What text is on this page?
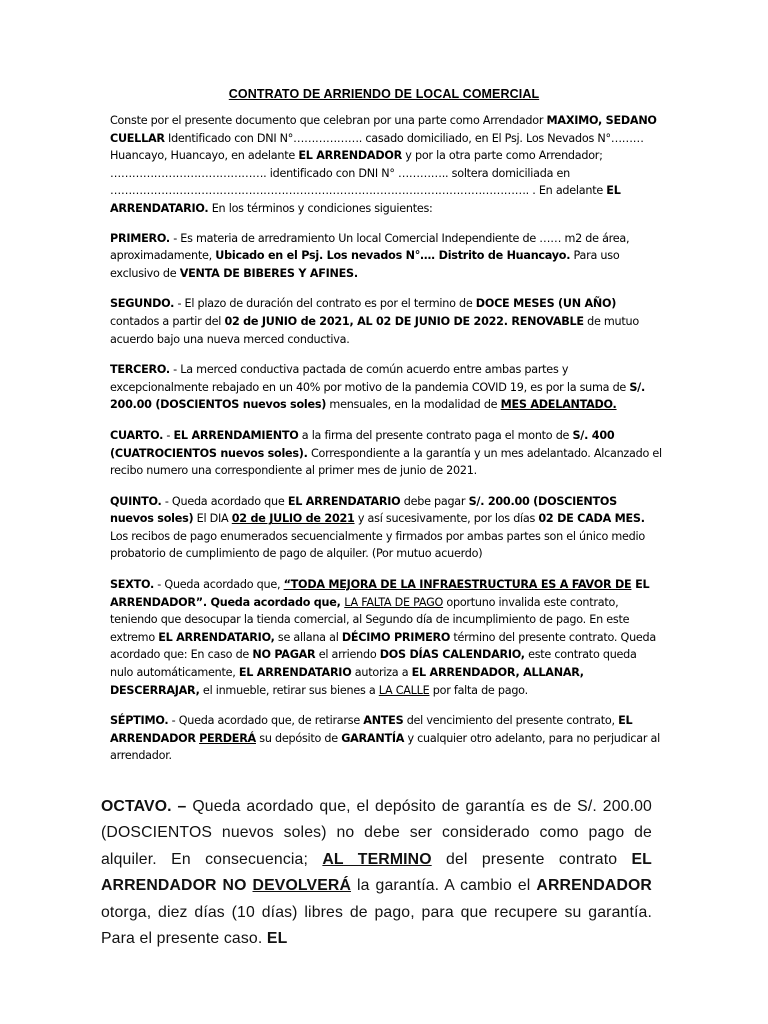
CONTRATO DE ARRIENDO DE LOCAL COMERCIAL

Conste por el presente documento que celebran por una parte como Arrendador MAXIMO, SEDANO CUELLAR Identificado con DNI N°………………. casado domiciliado, en El Psj. Los Nevados N°……… Huancayo, Huancayo, en adelante EL ARRENDADOR y por la otra parte como Arrendador; ……………………………………. identificado con DNI N° ………….. soltera domiciliada en ……………………………………………………………………………………………………. . En adelante EL ARRENDATARIO. En los términos y condiciones siguientes:

PRIMERO. - Es materia de arredramiento Un local Comercial Independiente de …… m2 de área, aproximadamente, Ubicado en el Psj. Los nevados N°…. Distrito de Huancayo. Para uso exclusivo de VENTA DE BIBERES Y AFINES.

SEGUNDO. - El plazo de duración del contrato es por el termino de DOCE MESES (UN AÑO) contados a partir del 02 de JUNIO de 2021, AL 02 DE JUNIO DE 2022. RENOVABLE de mutuo acuerdo bajo una nueva merced conductiva.

TERCERO. - La merced conductiva pactada de común acuerdo entre ambas partes y excepcionalmente rebajado en un 40% por motivo de la pandemia COVID 19, es por la suma de S/. 200.00 (DOSCIENTOS nuevos soles) mensuales, en la modalidad de MES ADELANTADO.

CUARTO. - EL ARRENDAMIENTO a la firma del presente contrato paga el monto de S/. 400 (CUATROCIENTOS nuevos soles). Correspondiente a la garantía y un mes adelantado. Alcanzado el recibo numero una correspondiente al primer mes de junio de 2021.

QUINTO. - Queda acordado que EL ARRENDATARIO debe pagar S/. 200.00 (DOSCIENTOS nuevos soles) El DIA 02 de JULIO de 2021 y así sucesivamente, por los días 02 DE CADA MES. Los recibos de pago enumerados secuencialmente y firmados por ambas partes son el único medio probatorio de cumplimiento de pago de alquiler. (Por mutuo acuerdo)

SEXTO. - Queda acordado que, “TODA MEJORA DE LA INFRAESTRUCTURA ES A FAVOR DE EL ARRENDADOR”. Queda acordado que, LA FALTA DE PAGO oportuno invalida este contrato, teniendo que desocupar la tienda comercial, al Segundo día de incumplimiento de pago. En este extremo EL ARRENDATARIO, se allana al DÉCIMO PRIMERO término del presente contrato. Queda acordado que: En caso de NO PAGAR el arriendo DOS DÍAS CALENDARIO, este contrato queda nulo automáticamente, EL ARRENDATARIO autoriza a EL ARRENDADOR, ALLANAR, DESCERRAJAR, el inmueble, retirar sus bienes a LA CALLE por falta de pago.

SÉPTIMO. - Queda acordado que, de retirarse ANTES del vencimiento del presente contrato, EL ARRENDADOR PERDERÁ su depósito de GARANTÍA y cualquier otro adelanto, para no perjudicar al arrendador.

OCTAVO. – Queda acordado que, el depósito de garantía es de S/. 200.00 (DOSCIENTOS nuevos soles) no debe ser considerado como pago de alquiler. En consecuencia; AL TERMINO del presente contrato EL ARRENDADOR NO DEVOLVERÁ la garantía. A cambio el ARRENDADOR otorga, diez días (10 días) libres de pago, para que recupere su garantía. Para el presente caso. EL
